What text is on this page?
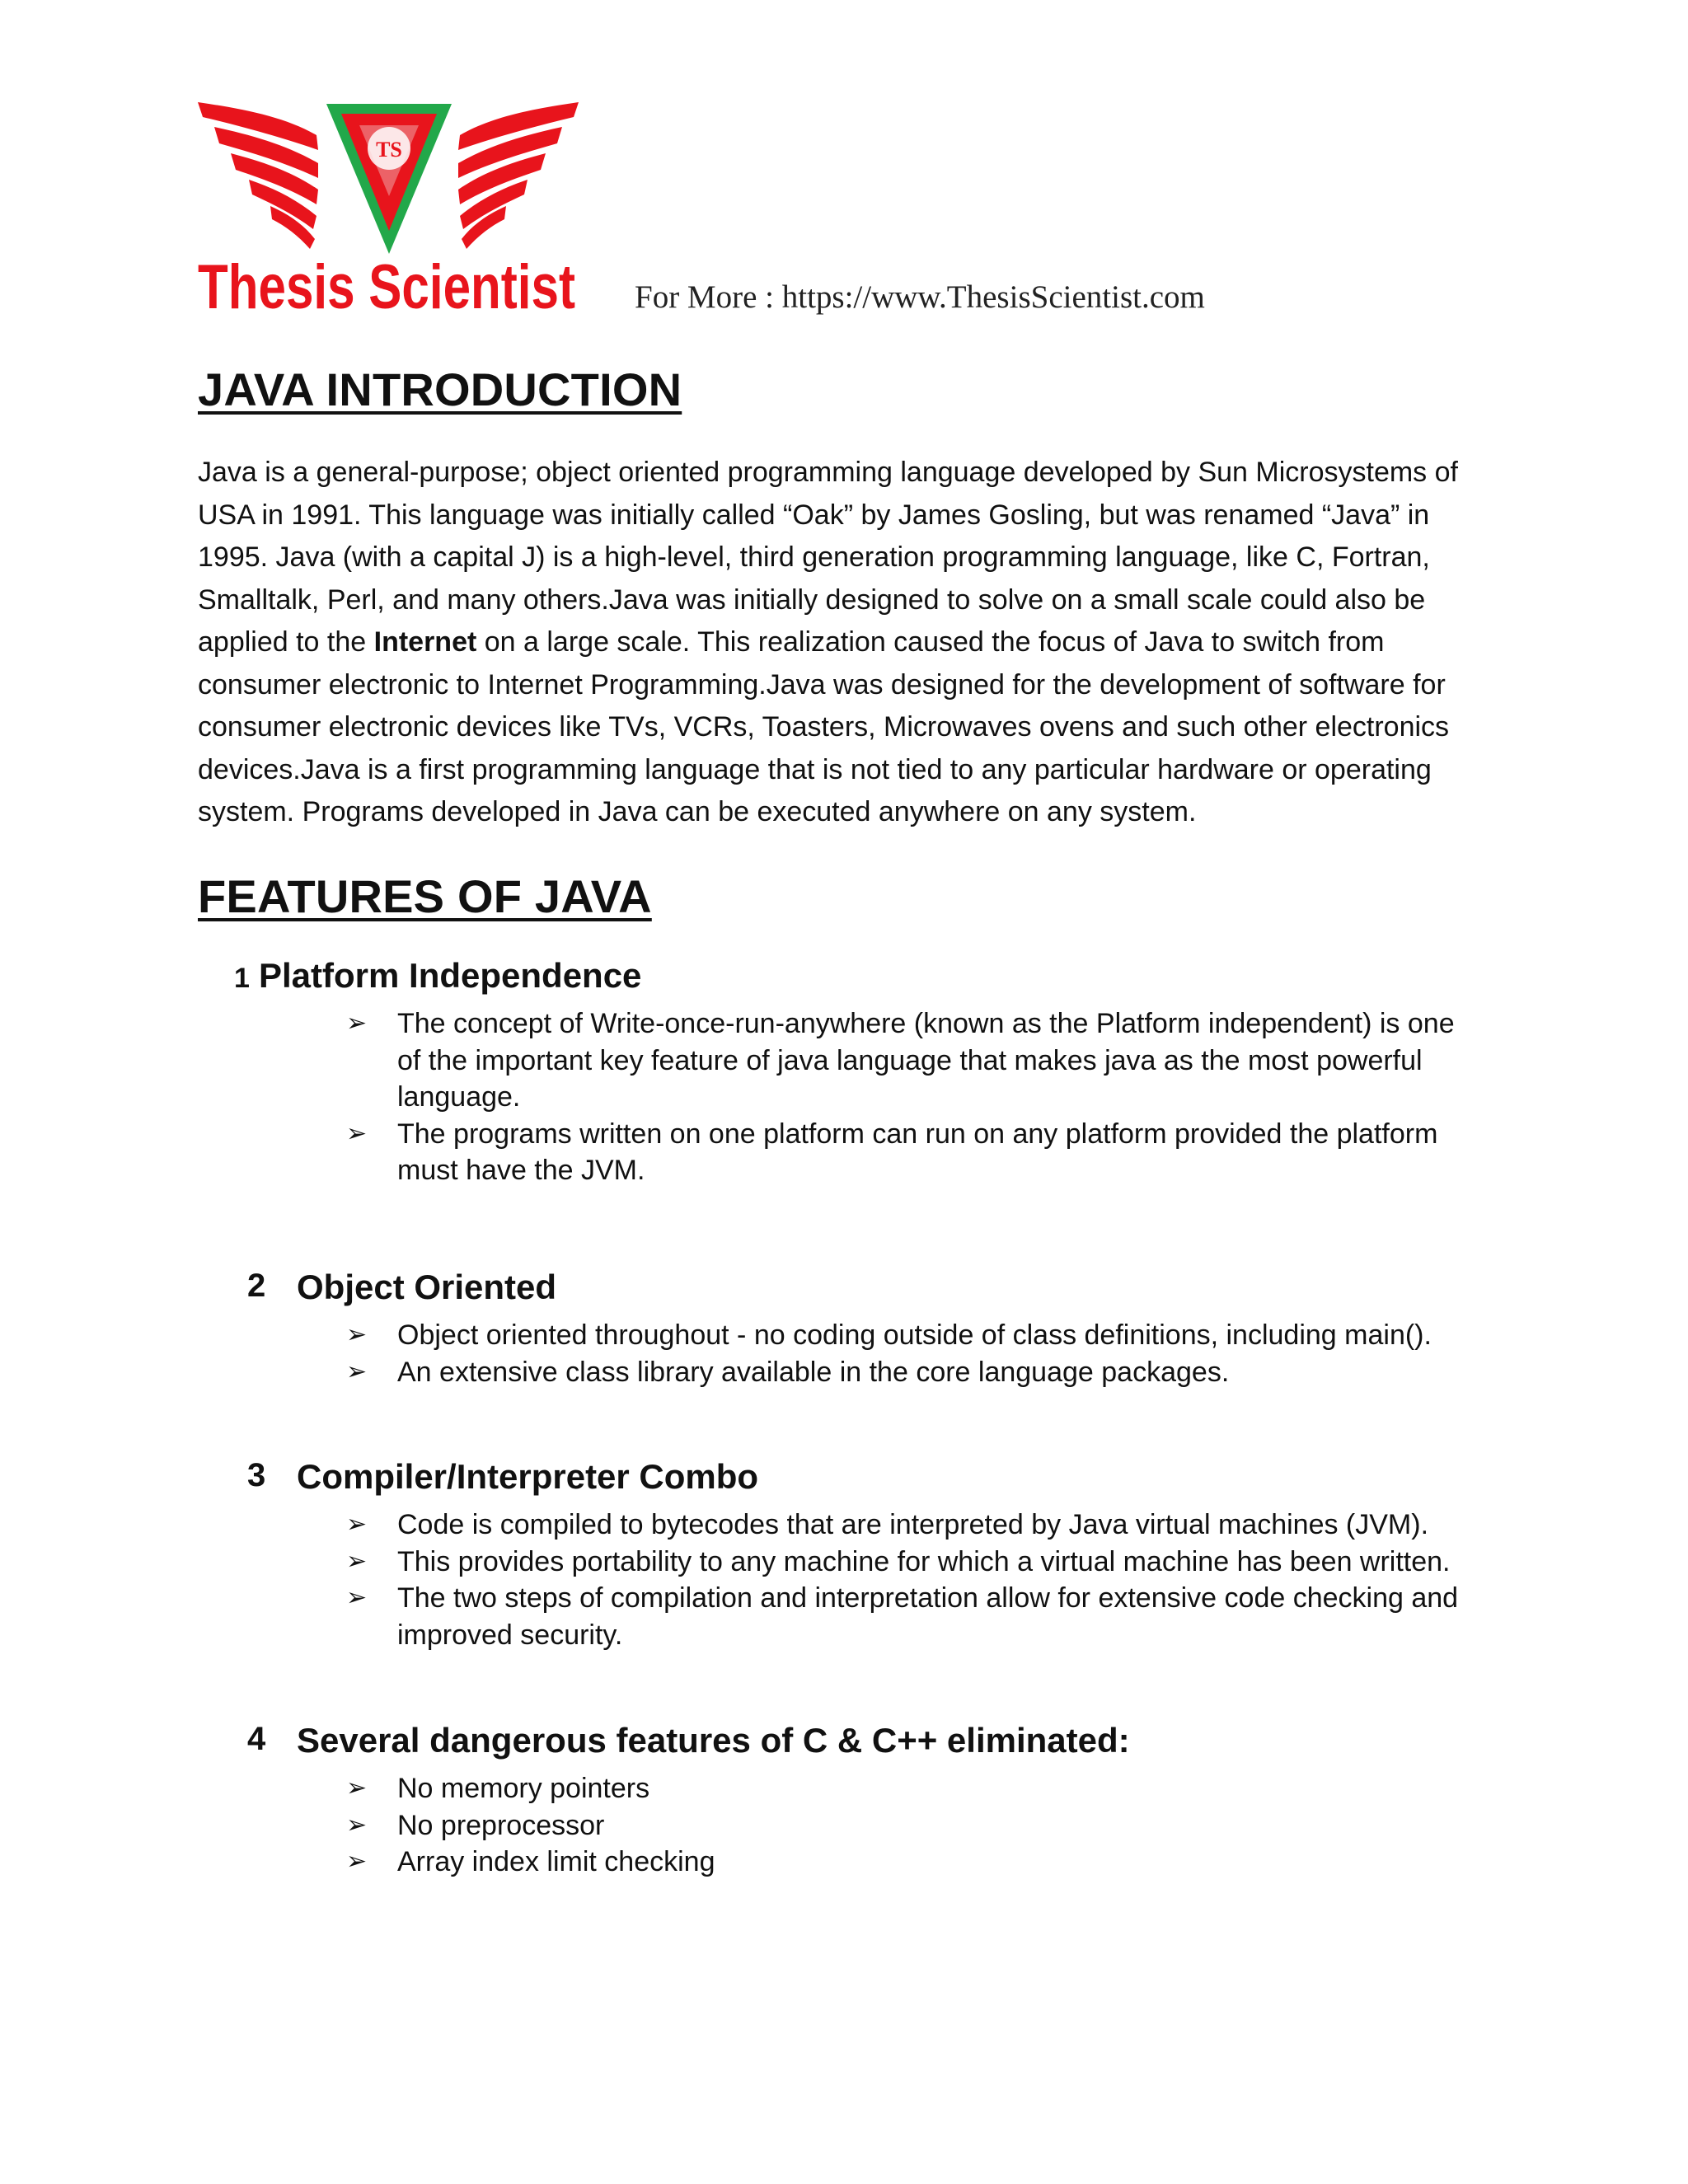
TS
Thesis Scientist For More : https://www.ThesisScientist.com
JAVA INTRODUCTION

Java is a general-purpose; object oriented programming language developed by Sun Microsystems of USA in 1991. This language was initially called “Oak” by James Gosling, but was renamed “Java” in 1995. Java (with a capital J) is a high-level, third generation programming language, like C, Fortran, Smalltalk, Perl, and many others.Java was initially designed to solve on a small scale could also be applied to the Internet on a large scale. This realization caused the focus of Java to switch from consumer electronic to Internet Programming.Java was designed for the development of software for consumer electronic devices like TVs, VCRs, Toasters, Microwaves ovens and such other electronics devices.Java is a first programming language that is not tied to any particular hardware or operating system. Programs developed in Java can be executed anywhere on any system.

FEATURES OF JAVA
1 Platform Independence
➢ The concept of Write-once-run-anywhere (known as the Platform independent) is one of the important key feature of java language that makes java as the most powerful language.
➢ The programs written on one platform can run on any platform provided the platform must have the JVM.
2 Object Oriented
➢ Object oriented throughout - no coding outside of class definitions, including main().
➢ An extensive class library available in the core language packages.
3 Compiler/Interpreter Combo
➢ Code is compiled to bytecodes that are interpreted by Java virtual machines (JVM).
➢ This provides portability to any machine for which a virtual machine has been written.
➢ The two steps of compilation and interpretation allow for extensive code checking and improved security.
4 Several dangerous features of C & C++ eliminated:
➢ No memory pointers
➢ No preprocessor
➢ Array index limit checking
